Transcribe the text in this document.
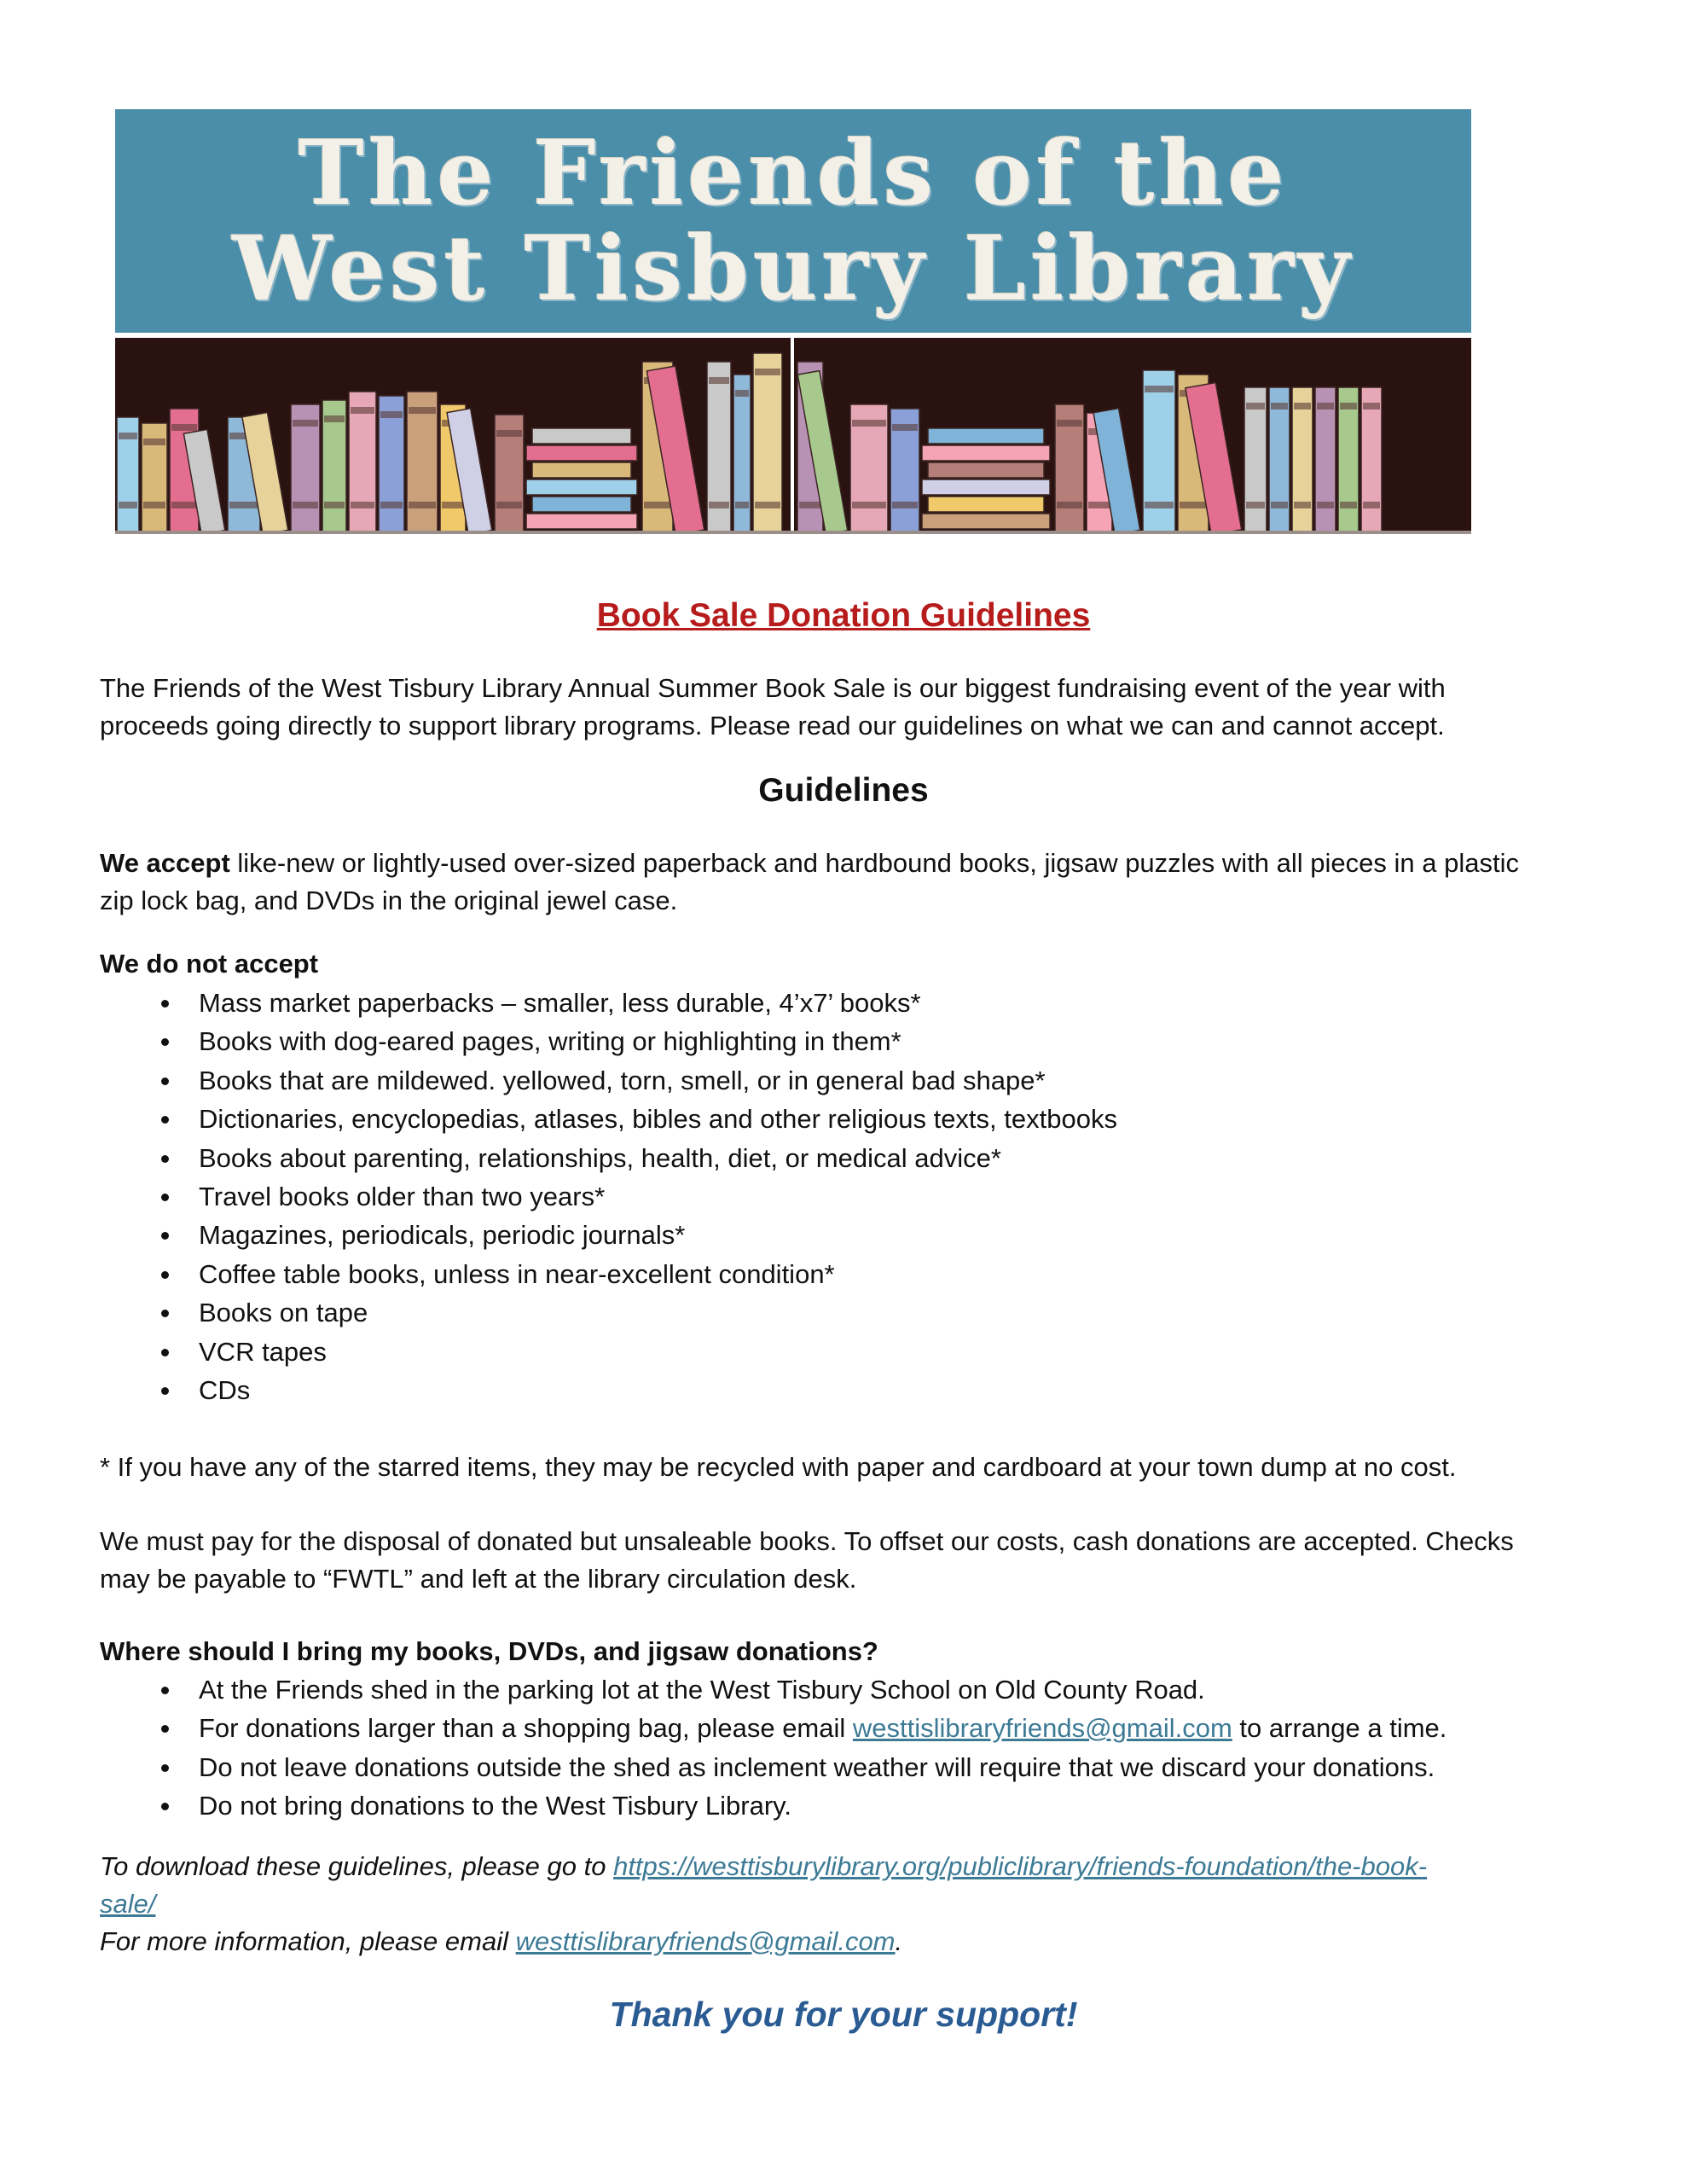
The Friends of the
West Tisbury Library
Book Sale Donation Guidelines
The Friends of the West Tisbury Library Annual Summer Book Sale is our biggest fundraising event of the year with
proceeds going directly to support library programs. Please read our guidelines on what we can and cannot accept.
Guidelines
We accept like-new or lightly-used over-sized paperback and hardbound books, jigsaw puzzles with all pieces in a plastic
zip lock bag, and DVDs in the original jewel case.
We do not accept
Mass market paperbacks – smaller, less durable, 4’x7’ books*
Books with dog-eared pages, writing or highlighting in them*
Books that are mildewed. yellowed, torn, smell, or in general bad shape*
Dictionaries, encyclopedias, atlases, bibles and other religious texts, textbooks
Books about parenting, relationships, health, diet, or medical advice*
Travel books older than two years*
Magazines, periodicals, periodic journals*
Coffee table books, unless in near-excellent condition*
Books on tape
VCR tapes
CDs
* If you have any of the starred items, they may be recycled with paper and cardboard at your town dump at no cost.
We must pay for the disposal of donated but unsaleable books. To offset our costs, cash donations are accepted. Checks
may be payable to “FWTL” and left at the library circulation desk.
Where should I bring my books, DVDs, and jigsaw donations?
At the Friends shed in the parking lot at the West Tisbury School on Old County Road.
For donations larger than a shopping bag, please email westtislibraryfriends@gmail.com to arrange a time.
Do not leave donations outside the shed as inclement weather will require that we discard your donations.
Do not bring donations to the West Tisbury Library.
To download these guidelines, please go to https://westtisburylibrary.org/publiclibrary/friends-foundation/the-book-
sale/
For more information, please email westtislibraryfriends@gmail.com.
Thank you for your support!
